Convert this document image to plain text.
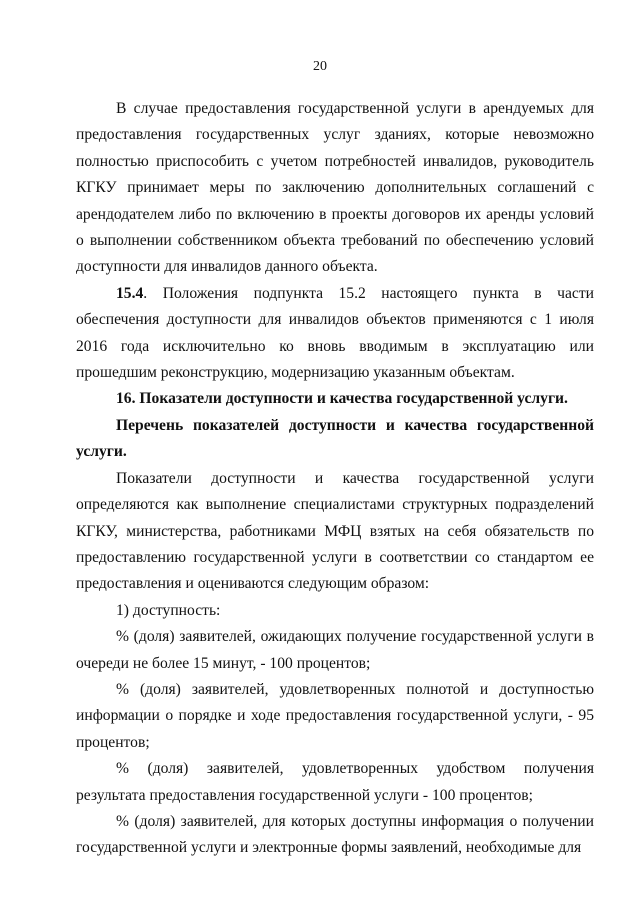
20

В случае предоставления государственной услуги в арендуемых для предоставления государственных услуг зданиях, которые невозможно полностью приспособить с учетом потребностей инвалидов, руководитель КГКУ принимает меры по заключению дополнительных соглашений с арендодателем либо по включению в проекты договоров их аренды условий о выполнении собственником объекта требований по обеспечению условий доступности для инвалидов данного объекта.

15.4. Положения подпункта 15.2 настоящего пункта в части обеспечения доступности для инвалидов объектов применяются с 1 июля 2016 года исключительно ко вновь вводимым в эксплуатацию или прошедшим реконструкцию, модернизацию указанным объектам.

16. Показатели доступности и качества государственной услуги.

Перечень показателей доступности и качества государственной услуги.

Показатели доступности и качества государственной услуги определяются как выполнение специалистами структурных подразделений КГКУ, министерства, работниками МФЦ взятых на себя обязательств по предоставлению государственной услуги в соответствии со стандартом ее предоставления и оцениваются следующим образом:

1) доступность:

% (доля) заявителей, ожидающих получение государственной услуги в очереди не более 15 минут, - 100 процентов;

% (доля) заявителей, удовлетворенных полнотой и доступностью информации о порядке и ходе предоставления государственной услуги, - 95 процентов;

% (доля) заявителей, удовлетворенных удобством получения результата предоставления государственной услуги - 100 процентов;

% (доля) заявителей, для которых доступны информация о получении государственной услуги и электронные формы заявлений, необходимые для
